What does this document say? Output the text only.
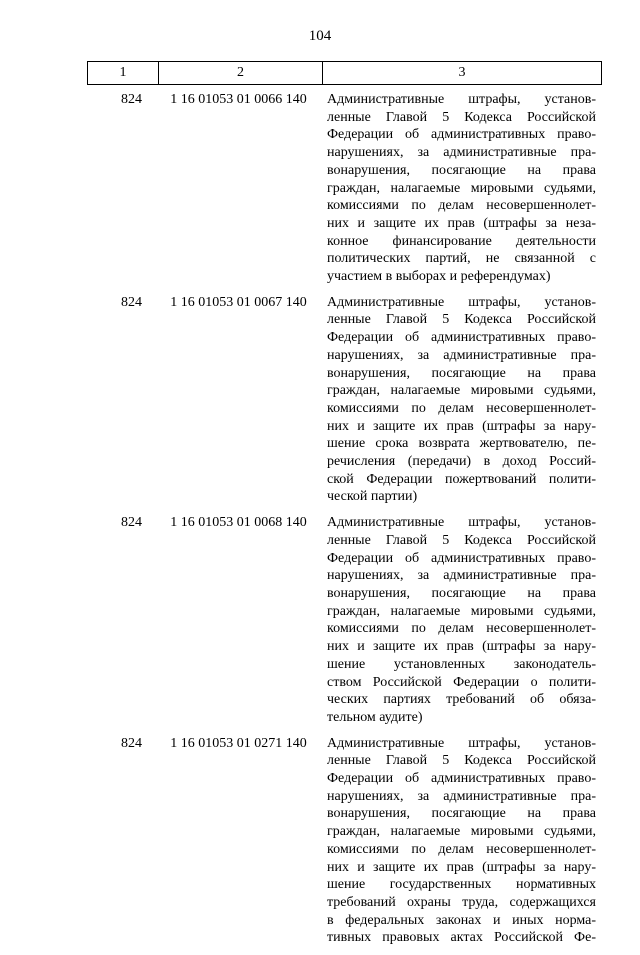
104
1	2	3
824	1 16 01053 01 0066 140	Административные штрафы, установ-
ленные Главой 5 Кодекса Российской
Федерации об административных право-
нарушениях, за административные пра-
вонарушения, посягающие на права
граждан, налагаемые мировыми судьями,
комиссиями по делам несовершеннолет-
них и защите их прав (штрафы за неза-
конное финансирование деятельности
политических партий, не связанной с
участием в выборах и референдумах)
824	1 16 01053 01 0067 140	Административные штрафы, установ-
ленные Главой 5 Кодекса Российской
Федерации об административных право-
нарушениях, за административные пра-
вонарушения, посягающие на права
граждан, налагаемые мировыми судьями,
комиссиями по делам несовершеннолет-
них и защите их прав (штрафы за нару-
шение срока возврата жертвователю, пе-
речисления (передачи) в доход Россий-
ской Федерации пожертвований полити-
ческой партии)
824	1 16 01053 01 0068 140	Административные штрафы, установ-
ленные Главой 5 Кодекса Российской
Федерации об административных право-
нарушениях, за административные пра-
вонарушения, посягающие на права
граждан, налагаемые мировыми судьями,
комиссиями по делам несовершеннолет-
них и защите их прав (штрафы за нару-
шение установленных законодатель-
ством Российской Федерации о полити-
ческих партиях требований об обяза-
тельном аудите)
824	1 16 01053 01 0271 140	Административные штрафы, установ-
ленные Главой 5 Кодекса Российской
Федерации об административных право-
нарушениях, за административные пра-
вонарушения, посягающие на права
граждан, налагаемые мировыми судьями,
комиссиями по делам несовершеннолет-
них и защите их прав (штрафы за нару-
шение государственных нормативных
требований охраны труда, содержащихся
в федеральных законах и иных норма-
тивных правовых актах Российской Фе-
